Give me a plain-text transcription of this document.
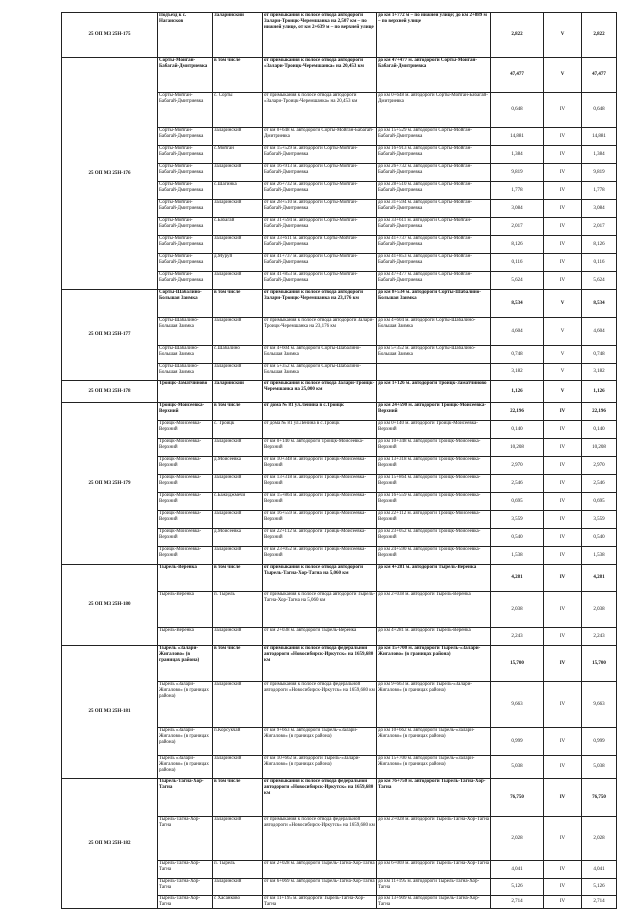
25 ОП МЗ 25Н-175	Подъезд к с. Нагаисков	Заларинский	от примыкания к полосе отвода автодороги Залари-Троицк-Черемшанка на 2,507 км – по нижней улице, от км 2+639 м – по верхней улице	до км 1+772 м – по нижней улице; до км 2+889 м – по верхней улице	2,822	V	2,822
25 ОП МЗ 25Н-176	Сорты-Мойган-Бабагай-Дмитриевка	в том числе	от примыкания к полосе отвода автодороги «Залари-Троицк-Черемшанка» на 20,453 км	до км 47+477 м. автодороги Сорты-Мойган-Бабагай-Дмитриевка	47,477	V	47,477
	Сорты-Мойган-Бабагай-Дмитриевка	с. Сорты	от примыкания к полосе отвода автодороги «Залари-Троицк-Черемшанка» на 20,453 км	до км 0+648 м. автодороги Сорты-Мойган-Бабагай-Дмитриевка	0,648	IV	0,648
	Сорты-Мойган-Бабагай-Дмитриевка	Заларинский	от км 0+648 м. автодороги Сорты-Мойган-Бабагай-Дмитриевка	до км 15+529 м. автодороги Сорты-Мойган-Бабагай-Дмитриевка	14,881	IV	14,881
	Сорты-Мойган-Бабагай-Дмитриевка	с.Мойган	от км 15+529 м. автодороги Сорты-Мойган-Бабагай-Дмитриевка	до км 16+913 м. автодороги Сорты-Мойган-Бабагай-Дмитриевка	1,384	IV	1,384
	Сорты-Мойган-Бабагай-Дмитриевка	Заларинский	от км 16+913 м. автодороги Сорты-Мойган-Бабагай-Дмитриевка	до км 26+732 м. автодороги Сорты-Мойган-Бабагай-Дмитриевка	9,819	IV	9,819
	Сорты-Мойган-Бабагай-Дмитриевка	с.Шагинка	от км 26+732 м. автодороги Сорты-Мойган-Бабагай-Дмитриевка	до км 28+510 м. автодороги Сорты-Мойган-Бабагай-Дмитриевка	1,778	IV	1,778
	Сорты-Мойган-Бабагай-Дмитриевка	Заларинский	от км 28+510 м. автодороги Сорты-Мойган-Бабагай-Дмитриевка	до км 31+594 м. автодороги Сорты-Мойган-Бабагай-Дмитриевка	3,084	IV	3,084
	Сорты-Мойган-Бабагай-Дмитриевка	с.Бабагай	от км 31+594 м. автодороги Сорты-Мойган-Бабагай-Дмитриевка	до км 33+611 м. автодороги Сорты-Мойган-Бабагай-Дмитриевка	2,017	IV	2,017
	Сорты-Мойган-Бабагай-Дмитриевка	Заларинский	от км 33+611 м. автодороги Сорты-Мойган-Бабагай-Дмитриевка	до км 41+737 м. автодороги Сорты-Мойган-Бабагай-Дмитриевка	8,126	IV	8,126
	Сорты-Мойган-Бабагай-Дмитриевка	д.Муруй	от км 41+737 м. автодороги Сорты-Мойган-Бабагай-Дмитриевка	до км 41+853 м. автодороги Сорты-Мойган-Бабагай-Дмитриевка	0,116	IV	0,116
	Сорты-Мойган-Бабагай-Дмитриевка	Заларинский	от км 41+853 м. автодороги Сорты-Мойган-Бабагай-Дмитриевка	до км 47+477 м. автодороги Сорты-Мойган-Бабагай-Дмитриевка	5,624	IV	5,624
25 ОП МЗ 25Н-177	Сорты-Шабалино-Большая Заимка	в том числе	от примыкания к полосе отвода автодороги Залари-Троицк-Черемшанка на 23,176 км	до км 8+534 м. автодороги Сорты-Шабалино-Большая Заимка	8,534	V	8,534
	Сорты-Шабалино-Большая Заимка	Заларинский	от примыкания к полосе отвода автодороги Залари-Троицк-Черемшанка на 23,176 км	до км 4+604 м. автодороги Сорты-Шабалино-Большая Заимка	4,604	V	4,604
	Сорты-Шабалино-Большая Заимка	с.Шабалино	от км 4+604 м. автодороги Сорты-Шабалино-Большая Заимка	до км 5+352 м. автодороги Сорты-Шабалино-Большая Заимка	0,748	V	0,748
	Сорты-Шабалино-Большая Заимка	Заларинский	от км 5+352 м. автодороги Сорты-Шабалино-Большая Заимка		3,182	V	3,182
25 ОП МЗ 25Н-178	Троицк-Заматчиново	Заларинский	от примыкания к полосе отвода Залари-Троицк-Черемшанка на 25,000 км	до км 1+126 м. автодороги Троицк-Заматчиново	1,126	V	1,126
25 ОП МЗ 25Н-179	Троицк-Моисеевка-Верхний	в том числе	от дома № 81 ул.Ленина в с.Троицк	до км 24+590 м. автодороги Троицк-Моисеевка-Верхний	22,196	IV	22,196
	Троицк-Моисеевка-Верхний	с. Троицк	от дома № 81 ул.Ленина в с.Троицк	до км 0+140 м. автодороги Троицк-Моисеевка-Верхний	0,140	IV	0,140
	Троицк-Моисеевка-Верхний	Заларинский	от км 0+140 м. автодороги Троицк-Моисеевка-Верхний	до км 10+348 м. автодороги Троицк-Моисеевка-Верхний	10,208	IV	10,208
	Троицк-Моисеевка-Верхний	д.Моисеевка	от км 10+348 м. автодороги Троицк-Моисеевка-Верхний	до км 13+318 м. автодороги Троицк-Моисеевка-Верхний	2,970	IV	2,970
	Троицк-Моисеевка-Верхний	Заларинский	от км 13+318 м. автодороги Троицк-Моисеевка-Верхний	до км 15+864 м. автодороги Троицк-Моисеевка-Верхний	2,546	IV	2,546
	Троицк-Моисеевка-Верхний	с.Бажиджмечи	от км 15+864 м. автодороги Троицк-Моисеевка-Верхний	до км 16+559 м. автодороги Троицк-Моисеевка-Верхний	0,695	IV	0,695
	Троицк-Моисеевка-Верхний	Заларинский	от км 16+559 м. автодороги Троицк-Моисеевка-Верхний	до км 22+112 м. автодороги Троицк-Моисеевка-Верхний	3,559	IV	3,559
	Троицк-Моисеевка-Верхний	д.Моисеевка	от км 22+112 м. автодороги Троицк-Моисеевка-Верхний	до км 23+052 м. автодороги Троицк-Моисеевка-Верхний	0,540	IV	0,540
	Троицк-Моисеевка-Верхний	Заларинский	от км 23+052 м. автодороги Троицк-Моисеевка-Верхний	до км 24+590 м. автодороги Троицк-Моисеевка-Верхний	1,538	IV	1,538
25 ОП МЗ 25Н-180	Тырель-Веренка	в том числе	от примыкания к полосе отвода автодороги Тырель-Тагна-Хор-Тагна на 5,060 км	до км 4+281 м. автодороги Тырель-Веренка	4,281	IV	4,281
	Тырель-Веренка	п. Тырель	от примыкания к полосе отвода автодороги Тырель-Тагна-Хор-Тагна на 5,060 км	до км 2+038 м. автодороги Тырель-Веренка	2,038	IV	2,038
	Тырель-Веренка	Заларинский	от км 2+038 м. автодороги Тырель-Веренка	до км 4+281 м. автодороги Тырель-Веренка	2,243	IV	2,243
25 ОП МЗ 25Н-181	Тырель «Залари-Жигалово» (в границах района)	в том числе	от примыкания к полосе отвода федеральной автодороги «Новосибирск-Иркутск» на 1659,680 км	до км 15+700 м. автодороги Тырель-«Залари-Жигалово» (в границах района)	15,700	IV	15,700
	Тырель «Залари-Жигалово» (в границах района)	Заларинский	от примыкания к полосе отвода федеральной автодороги «Новосибирск-Иркутск» на 1659,680 км	до км 9+663 м. автодороги Тырель-«Залари-Жигалово» (в границах района)	9,663	IV	9,663
	Тырель «Залари-Жигалово» (в границах района)	п.Корсукчай	от км 9+663 м. автодороги Тырель-«Залари-Жигалово» (в границах района)	до км 10+662 м. автодороги Тырель-«Залари-Жигалово» (в границах района)	0,999	IV	0,999
	Тырель «Залари-Жигалово» (в границах района)	Заларинский	от км 10+662 м. автодороги Тырель-«Залари-Жигалово» (в границах района)	до км 15+700 м. автодороги Тырель-«Залари-Жигалово» (в границах района)	5,038	IV	5,038
25 ОП МЗ 25Н-182	Тырель-Тагна-Хор-Тагна	в том числе	от примыкания к полосе отвода федеральной автодороги «Новосибирск-Иркутск» на 1659,680 км	до км 76+750 м. автодороги Тырель-Тагна-Хор-Тагна	76,750	IV	76,750
	Тырель-Тагна-Хор-Тагна	Заларинский	от примыкания к полосе отвода федеральной автодороги «Новосибирск-Иркутск» на 1659,680 км	до км 2+028 м. автодороги Тырель-Тагна-Хор-Тагна	2,028	IV	2,028
	Тырель-Тагна-Хор-Тагна	п. Тырель	от км 2+028 м. автодороги Тырель-Тагна-Хор-Тагна	до км 6+069 м. автодороги Тырель-Тагна-Хор-Тагна	4,041	IV	4,041
	Тырель-Тагна-Хор-Тагна	Заларинский	от км 6+069 м. автодороги Тырель-Тагна-Хор-Тагна	до км 11+195 м. автодороги Тырель-Тагна-Хор-Тагна	5,126	IV	5,126
	Тырель-Тагна-Хор-Тагна	с Хасанково	от км 11+195 м. автодороги Тырель-Тагна-Хор-Тагна	до км 13+909 м. автодороги Тырель-Тагна-Хор-Тагна	2,714	IV	2,714
